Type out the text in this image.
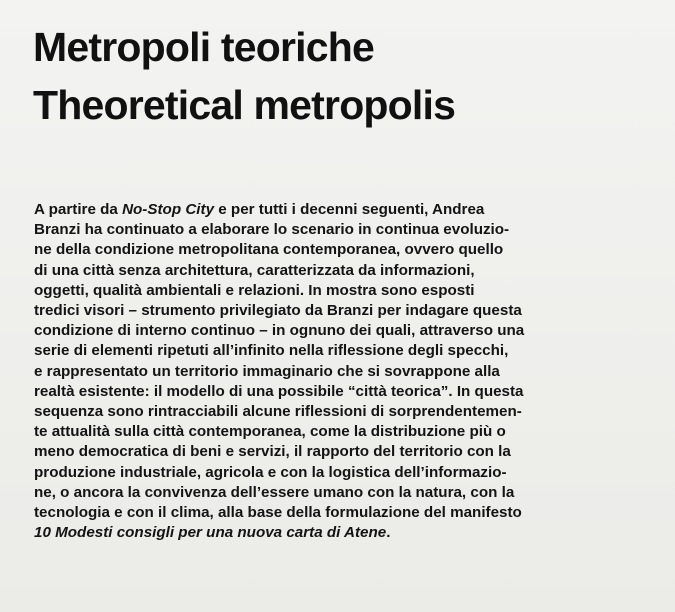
Metropoli teoriche
Theoretical metropolis
A partire da No-Stop City e per tutti i decenni seguenti, Andrea
Branzi ha continuato a elaborare lo scenario in continua evoluzio-
ne della condizione metropolitana contemporanea, ovvero quello
di una città senza architettura, caratterizzata da informazioni,
oggetti, qualità ambientali e relazioni. In mostra sono esposti
tredici visori – strumento privilegiato da Branzi per indagare questa
condizione di interno continuo – in ognuno dei quali, attraverso una
serie di elementi ripetuti all’infinito nella riflessione degli specchi,
e rappresentato un territorio immaginario che si sovrappone alla
realtà esistente: il modello di una possibile “città teorica”. In questa
sequenza sono rintracciabili alcune riflessioni di sorprendentemen-
te attualità sulla città contemporanea, come la distribuzione più o
meno democratica di beni e servizi, il rapporto del territorio con la
produzione industriale, agricola e con la logistica dell’informazio-
ne, o ancora la convivenza dell’essere umano con la natura, con la
tecnologia e con il clima, alla base della formulazione del manifesto
10 Modesti consigli per una nuova carta di Atene.
